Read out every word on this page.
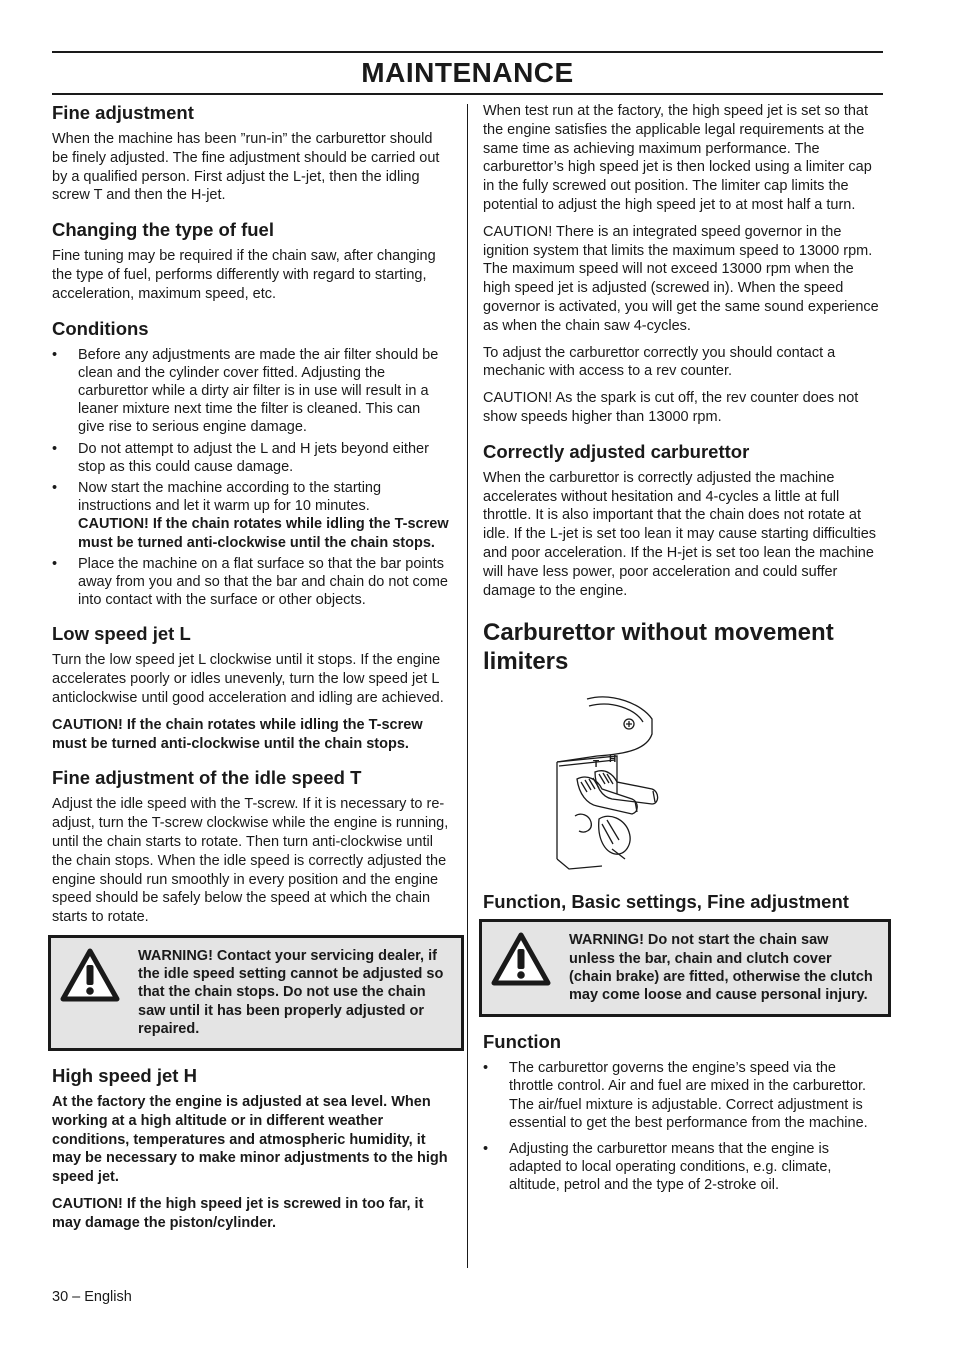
MAINTENANCE
Fine adjustment

When the machine has been ”run-in” the carburettor should be finely adjusted. The fine adjustment should be carried out by a qualified person. First adjust the L-jet, then the idling screw T and then the H-jet.

Changing the type of fuel

Fine tuning may be required if the chain saw, after changing the type of fuel, performs differently with regard to starting, acceleration, maximum speed, etc.

Conditions
• Before any adjustments are made the air filter should be clean and the cylinder cover fitted. Adjusting the carburettor while a dirty air filter is in use will result in a leaner mixture next time the filter is cleaned. This can give rise to serious engine damage.
• Do not attempt to adjust the L and H jets beyond either stop as this could cause damage.
• Now start the machine according to the starting instructions and let it warm up for 10 minutes.
CAUTION! If the chain rotates while idling the T-screw must be turned anti-clockwise until the chain stops.
• Place the machine on a flat surface so that the bar points away from you and so that the bar and chain do not come into contact with the surface or other objects.
Low speed jet L

Turn the low speed jet L clockwise until it stops. If the engine accelerates poorly or idles unevenly, turn the low speed jet L anticlockwise until good acceleration and idling are achieved.

CAUTION! If the chain rotates while idling the T-screw must be turned anti-clockwise until the chain stops.

Fine adjustment of the idle speed T

Adjust the idle speed with the T-screw. If it is necessary to re-adjust, turn the T-screw clockwise while the engine is running, until the chain starts to rotate. Then turn anti-clockwise until the chain stops. When the idle speed is correctly adjusted the engine should run smoothly in every position and the engine speed should be safely below the speed at which the chain starts to rotate.

WARNING! Contact your servicing dealer, if the idle speed setting cannot be adjusted so that the chain stops. Do not use the chain saw until it has been properly adjusted or repaired.
High speed jet H

At the factory the engine is adjusted at sea level. When working at a high altitude or in different weather conditions, temperatures and atmospheric humidity, it may be necessary to make minor adjustments to the high speed jet.

CAUTION! If the high speed jet is screwed in too far, it may damage the piston/cylinder.

When test run at the factory, the high speed jet is set so that the engine satisfies the applicable legal requirements at the same time as achieving maximum performance. The carburettor’s high speed jet is then locked using a limiter cap in the fully screwed out position. The limiter cap limits the potential to adjust the high speed jet to at most half a turn.

CAUTION! There is an integrated speed governor in the ignition system that limits the maximum speed to 13000 rpm. The maximum speed will not exceed 13000 rpm when the high speed jet is adjusted (screwed in). When the speed governor is activated, you will get the same sound experience as when the chain saw 4-cycles.

To adjust the carburettor correctly you should contact a mechanic with access to a rev counter.

CAUTION! As the spark is cut off, the rev counter does not show speeds higher than 13000 rpm.

Correctly adjusted carburettor

When the carburettor is correctly adjusted the machine accelerates without hesitation and 4-cycles a little at full throttle. It is also important that the chain does not rotate at idle. If the L-jet is set too lean it may cause starting difficulties and poor acceleration. If the H-jet is set too lean the machine will have less power, poor acceleration and could suffer damage to the engine.

Carburettor without movement limiters
T H
Function, Basic settings, Fine adjustment
WARNING! Do not start the chain saw unless the bar, chain and clutch cover (chain brake) are fitted, otherwise the clutch may come loose and cause personal injury.
Function
• The carburettor governs the engine’s speed via the throttle control. Air and fuel are mixed in the carburettor. The air/fuel mixture is adjustable. Correct adjustment is essential to get the best performance from the machine.
• Adjusting the carburettor means that the engine is adapted to local operating conditions, e.g. climate, altitude, petrol and the type of 2-stroke oil.
30 – English
